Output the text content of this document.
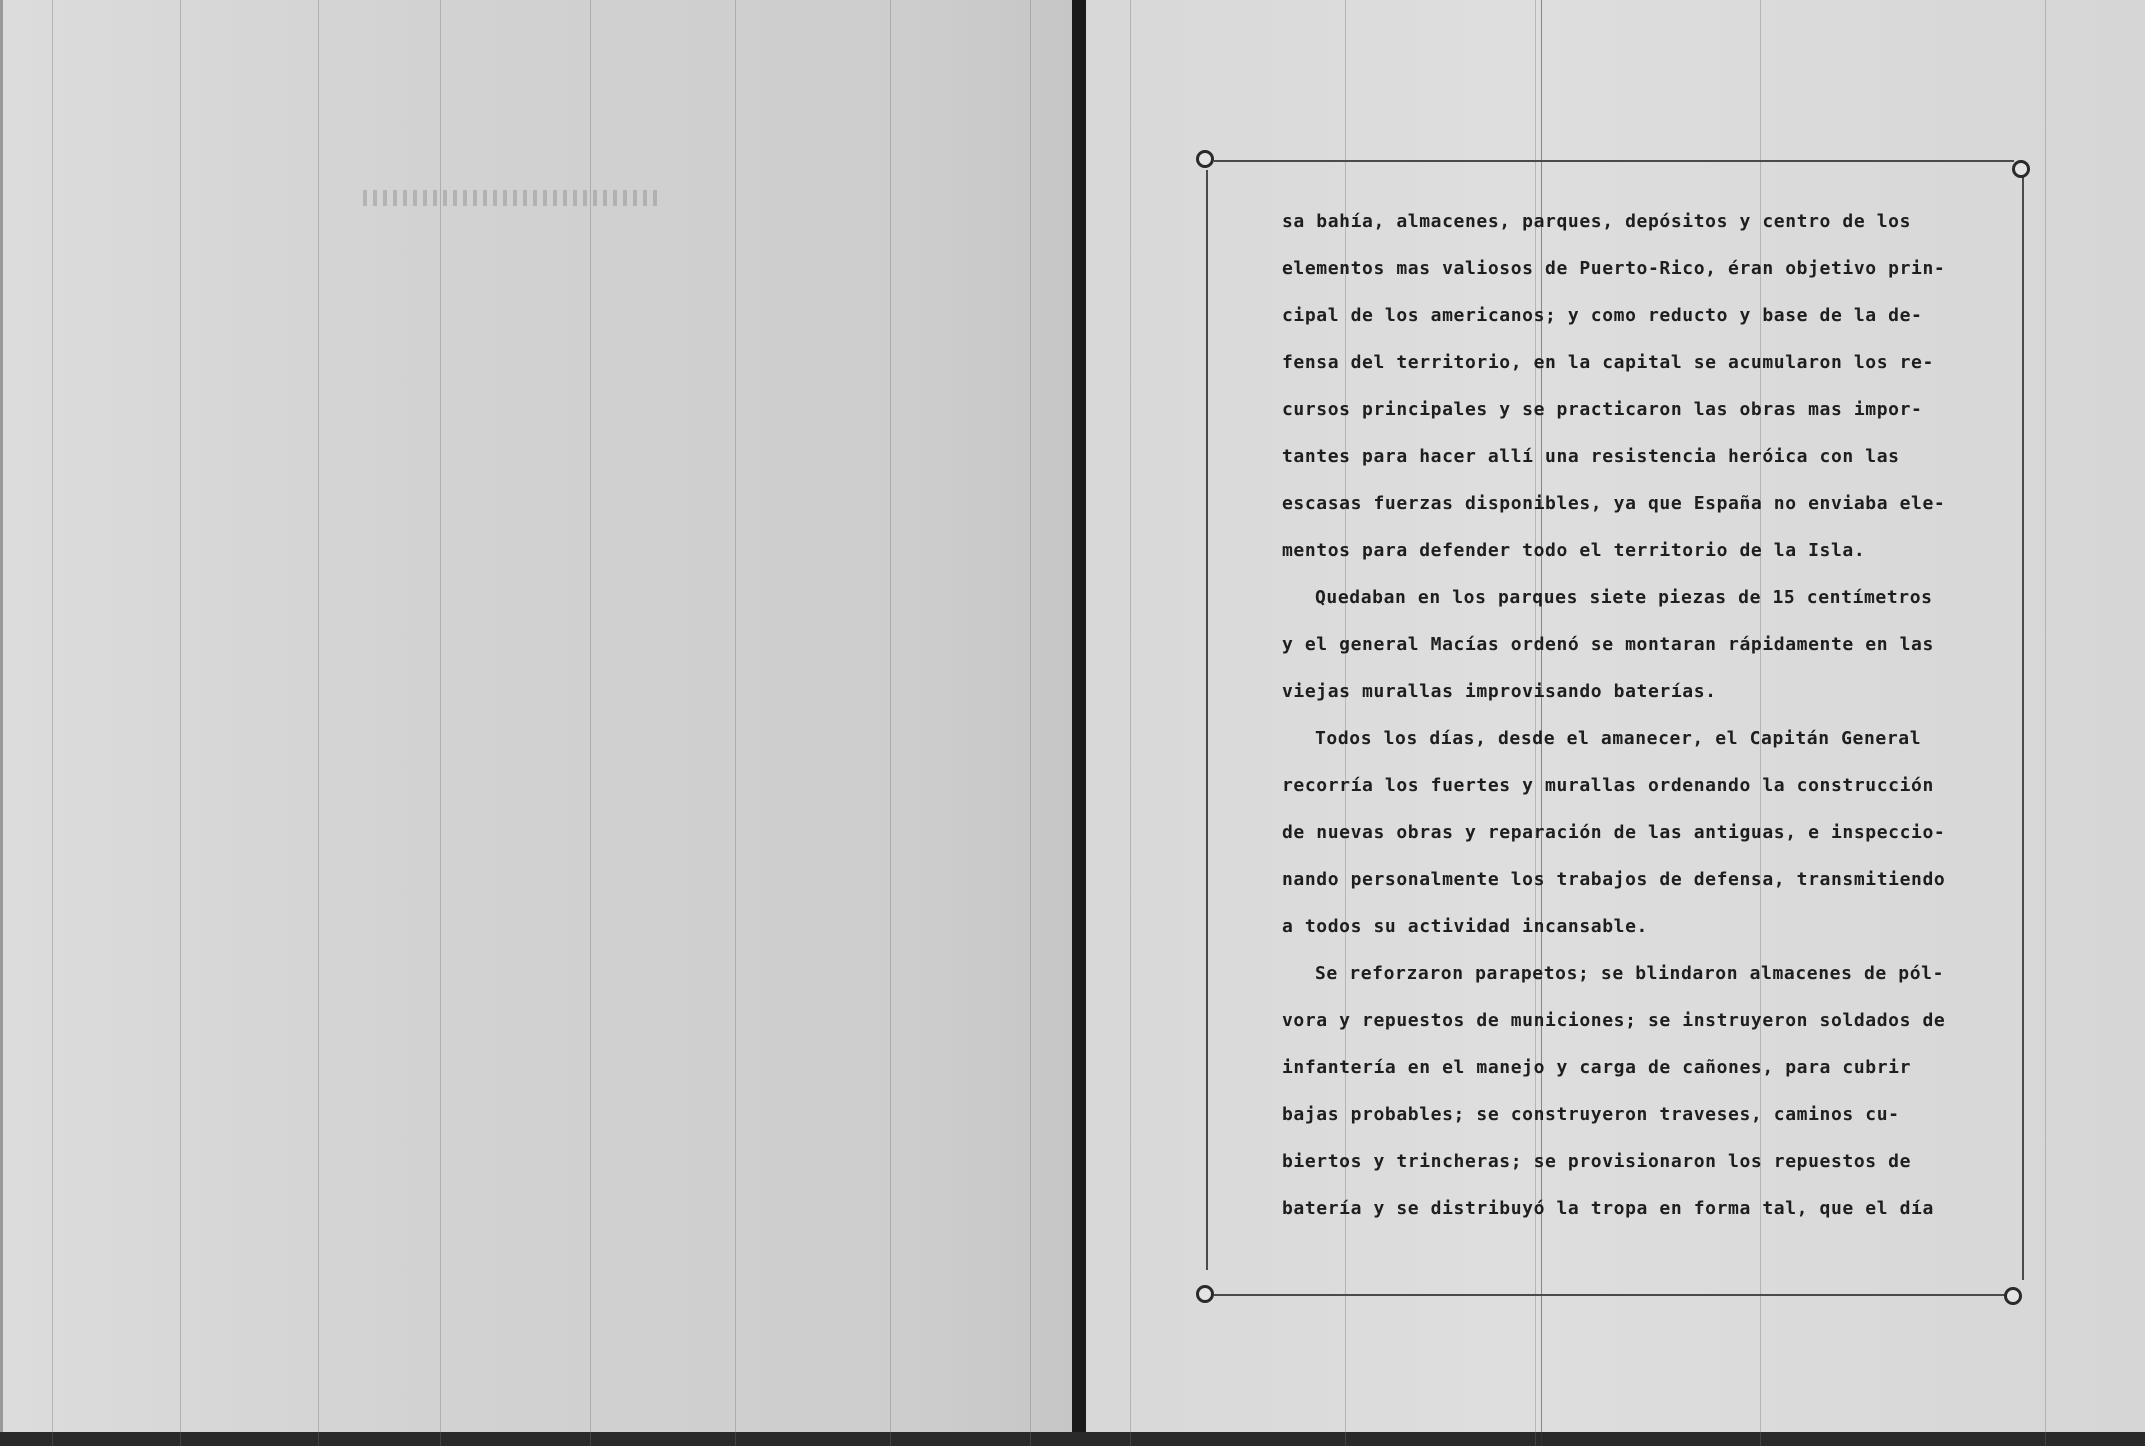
sa bahía, almacenes, parques, depósitos y centro de los
elementos mas valiosos de Puerto-Rico, éran objetivo prin-
cipal de los americanos; y como reducto y base de la de-
fensa del territorio, en la capital se acumularon los re-
cursos principales y se practicaron las obras mas impor-
tantes para hacer allí una resistencia heróica con las
escasas fuerzas disponibles, ya que España no enviaba ele-
mentos para defender todo el territorio de la Isla.
Quedaban en los parques siete piezas de 15 centímetros
y el general Macías ordenó se montaran rápidamente en las
viejas murallas improvisando baterías.
Todos los días, desde el amanecer, el Capitán General
recorría los fuertes y murallas ordenando la construcción
de nuevas obras y reparación de las antiguas, e inspeccio-
nando personalmente los trabajos de defensa, transmitiendo
a todos su actividad incansable.
Se reforzaron parapetos; se blindaron almacenes de pól-
vora y repuestos de municiones; se instruyeron soldados de
infantería en el manejo y carga de cañones, para cubrir
bajas probables; se construyeron traveses, caminos cu-
biertos y trincheras; se provisionaron los repuestos de
batería y se distribuyó la tropa en forma tal, que el día
